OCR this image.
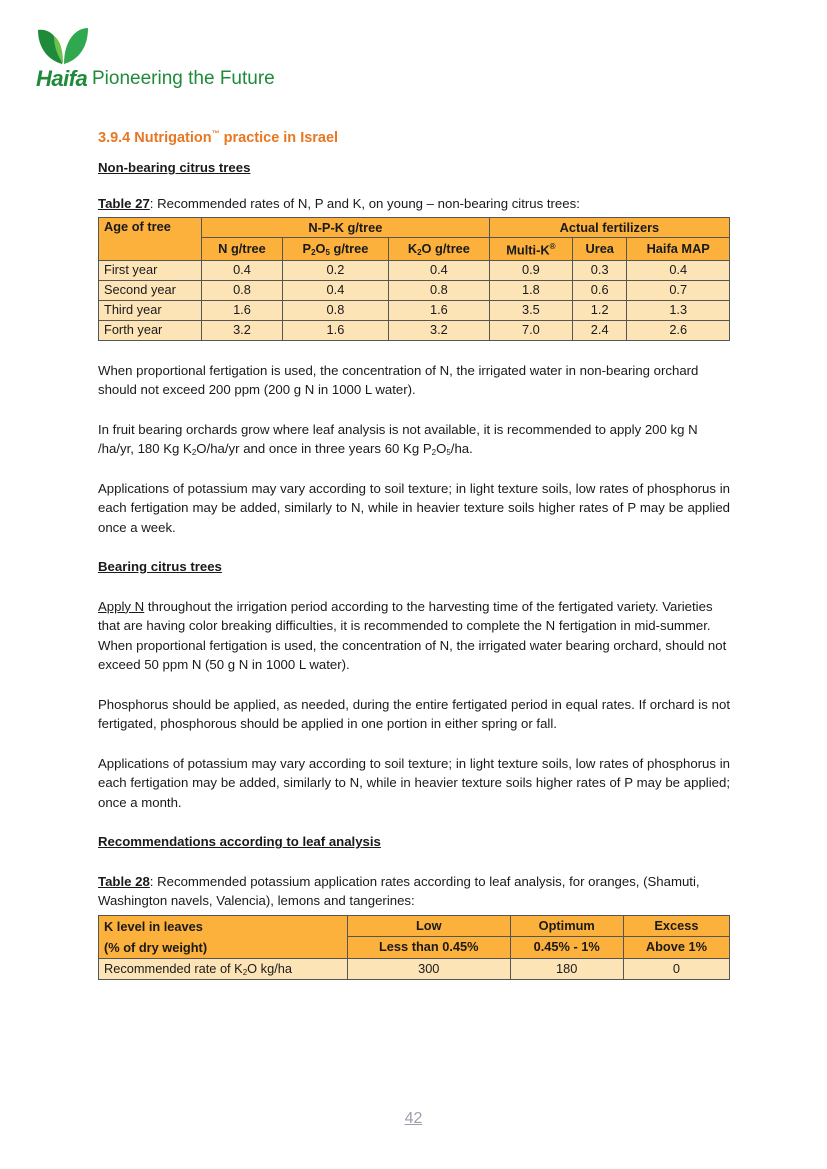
Haifa Pioneering the Future
3.9.4 Nutrigation™ practice in Israel

Non-bearing citrus trees

Table 27: Recommended rates of N, P and K, on young – non-bearing citrus trees:

Age of tree	N-P-K g/tree			Actual fertilizers		
	N g/tree	$P_2O_5$ g/tree	$K_2O$ g/tree	Multi-K®	Urea	Haifa MAP
First year	0.4	0.2	0.4	0.9	0.3	0.4
Second year	0.8	0.4	0.8	1.8	0.6	0.7
Third year	1.6	0.8	1.6	3.5	1.2	1.3
Forth year	3.2	1.6	3.2	7.0	2.4	2.6

When proportional fertigation is used, the concentration of N, the irrigated water in non-bearing orchard should not exceed 200 ppm (200 g N in 1000 L water).

In fruit bearing orchards grow where leaf analysis is not available, it is recommended to apply 200 kg N /ha/yr, 180 Kg $K_2O/ha/yr$ and once in three years 60 Kg $P_2O_5/ha$.

Applications of potassium may vary according to soil texture; in light texture soils, low rates of phosphorus in each fertigation may be added, similarly to N, while in heavier texture soils higher rates of P may be applied once a week.

Bearing citrus trees

Apply N throughout the irrigation period according to the harvesting time of the fertigated variety. Varieties that are having color breaking difficulties, it is recommended to complete the N fertigation in mid-summer. When proportional fertigation is used, the concentration of N, the irrigated water bearing orchard, should not exceed 50 ppm N (50 g N in 1000 L water).

Phosphorus should be applied, as needed, during the entire fertigated period in equal rates. If orchard is not fertigated, phosphorous should be applied in one portion in either spring or fall.

Applications of potassium may vary according to soil texture; in light texture soils, low rates of phosphorus in each fertigation may be added, similarly to N, while in heavier texture soils higher rates of P may be applied; once a month.

Recommendations according to leaf analysis

Table 28: Recommended potassium application rates according to leaf analysis, for oranges, (Shamuti, Washington navels, Valencia), lemons and tangerines:

K level in leaves
(% of dry weight)	Low	Optimum	Excess
	Less than 0.45%	0.45% - 1%	Above 1%
Recommended rate of $K_2O$ kg/ha	300	180	0
42
